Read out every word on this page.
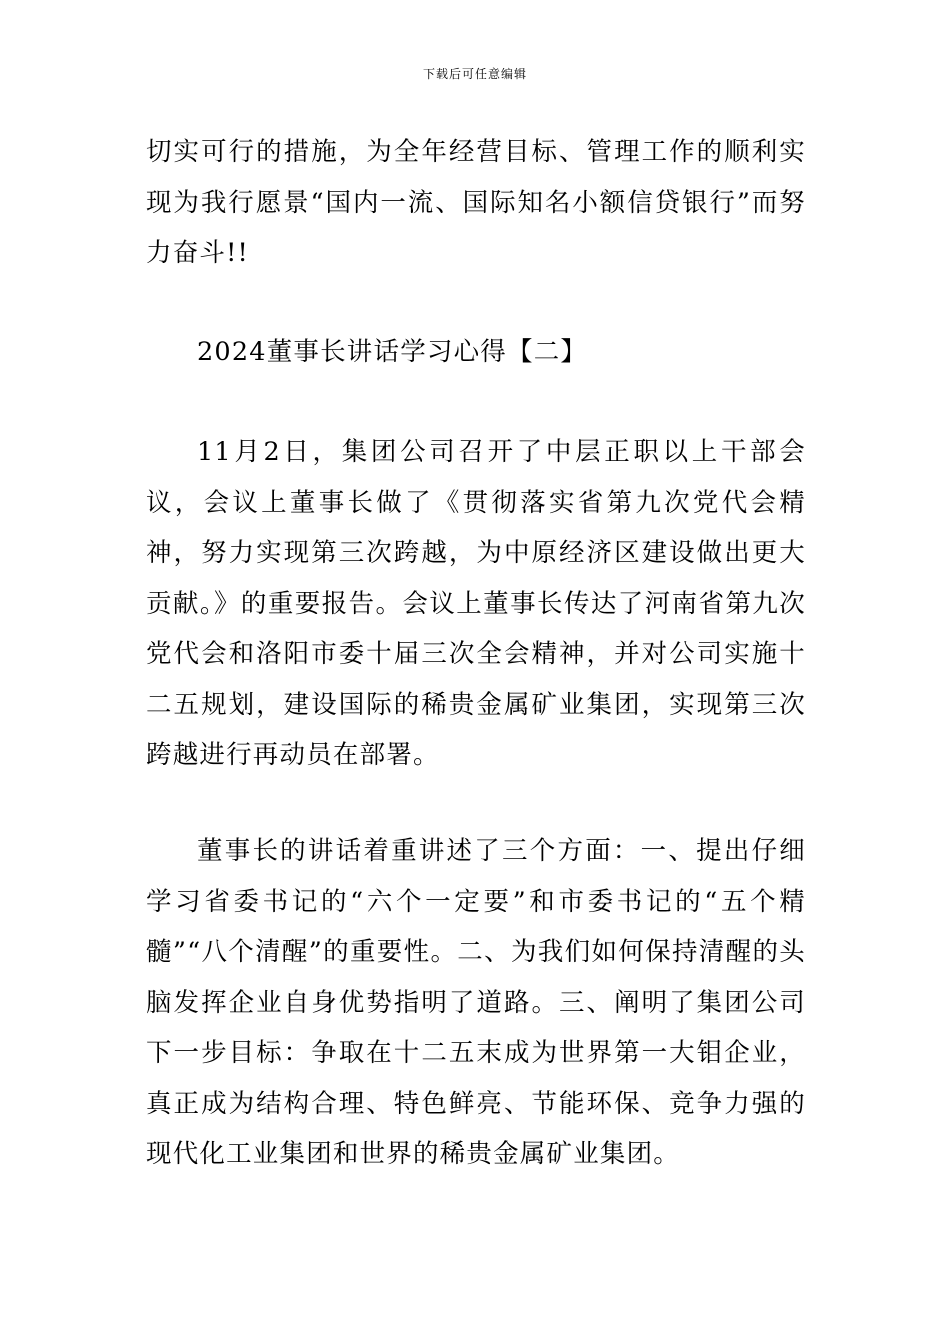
下载后可任意编辑
切实可行的措施，为全年经营目标、管理工作的顺利实现为我行愿景“国内一流、国际知名小额信贷银行”而努力奋斗!!
2024董事长讲话学习心得【二】
11月2日，集团公司召开了中层正职以上干部会议，会议上董事长做了《贯彻落实省第九次党代会精神，努力实现第三次跨越，为中原经济区建设做出更大贡献。》的重要报告。会议上董事长传达了河南省第九次党代会和洛阳市委十届三次全会精神，并对公司实施十二五规划，建设国际的稀贵金属矿业集团，实现第三次跨越进行再动员在部署。
董事长的讲话着重讲述了三个方面：一、提出仔细学习省委书记的“六个一定要”和市委书记的“五个精髓”“八个清醒”的重要性。二、为我们如何保持清醒的头脑发挥企业自身优势指明了道路。三、阐明了集团公司下一步目标：争取在十二五末成为世界第一大钼企业，真正成为结构合理、特色鲜亮、节能环保、竞争力强的现代化工业集团和世界的稀贵金属矿业集团。
